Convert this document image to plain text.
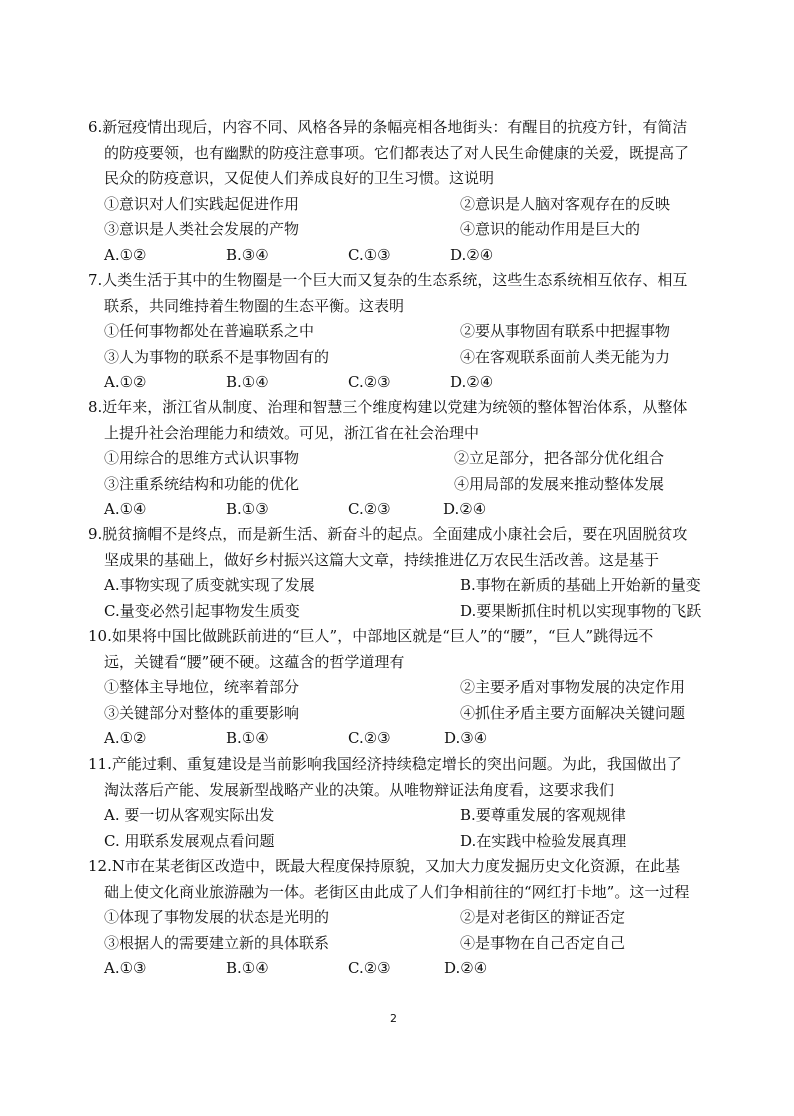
6.新冠疫情出现后，内容不同、风格各异的条幅亮相各地街头：有醒目的抗疫方针，有简洁

的防疫要领，也有幽默的防疫注意事项。它们都表达了对人民生命健康的关爱，既提高了

民众的防疫意识，又促使人们养成良好的卫生习惯。这说明

①意识对人们实践起促进作用	②意识是人脑对客观存在的反映
③意识是人类社会发展的产物	④意识的能动作用是巨大的
A.①②	B.③④	C.①③	D.②④

7.人类生活于其中的生物圈是一个巨大而又复杂的生态系统，这些生态系统相互依存、相互

联系，共同维持着生物圈的生态平衡。这表明

①任何事物都处在普遍联系之中	②要从事物固有联系中把握事物
③人为事物的联系不是事物固有的	④在客观联系面前人类无能为力
A.①②	B.①④	C.②③	D.②④

8.近年来，浙江省从制度、治理和智慧三个维度构建以党建为统领的整体智治体系，从整体

上提升社会治理能力和绩效。可见，浙江省在社会治理中

①用综合的思维方式认识事物	②立足部分，把各部分优化组合
③注重系统结构和功能的优化	④用局部的发展来推动整体发展
A.①④	B.①③	C.②③	D.②④

9.脱贫摘帽不是终点，而是新生活、新奋斗的起点。全面建成小康社会后，要在巩固脱贫攻

坚成果的基础上，做好乡村振兴这篇大文章，持续推进亿万农民生活改善。这是基于

A.事物实现了质变就实现了发展	B.事物在新质的基础上开始新的量变
C.量变必然引起事物发生质变	D.要果断抓住时机以实现事物的飞跃

10.如果将中国比做跳跃前进的“巨人”，中部地区就是“巨人”的“腰”，“巨人”跳得远不

远，关键看“腰”硬不硬。这蕴含的哲学道理有

①整体主导地位，统率着部分	②主要矛盾对事物发展的决定作用
③关键部分对整体的重要影响	④抓住矛盾主要方面解决关键问题
A.①②	B.①④	C.②③	D.③④

11.产能过剩、重复建设是当前影响我国经济持续稳定增长的突出问题。为此，我国做出了

淘汰落后产能、发展新型战略产业的决策。从唯物辩证法角度看，这要求我们

A. 要一切从客观实际出发	B.要尊重发展的客观规律
C. 用联系发展观点看问题	D.在实践中检验发展真理

12.N市在某老街区改造中，既最大程度保持原貌，又加大力度发掘历史文化资源，在此基

础上使文化商业旅游融为一体。老街区由此成了人们争相前往的“网红打卡地”。这一过程

①体现了事物发展的状态是光明的	②是对老街区的辩证否定
③根据人的需要建立新的具体联系	④是事物在自己否定自己
A.①③	B.①④	C.②③	D.②④
2
